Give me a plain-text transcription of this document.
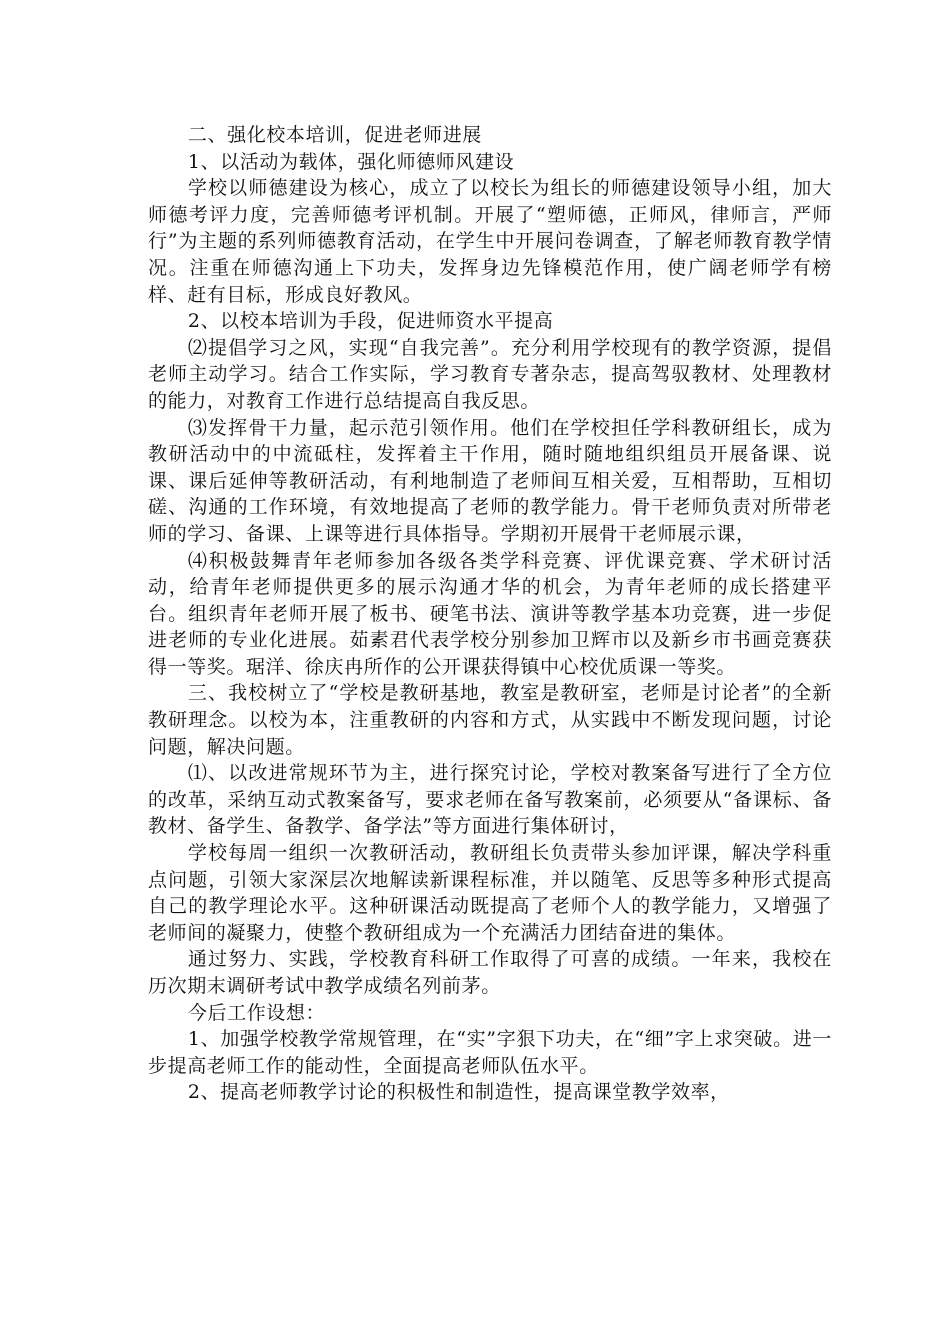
二、强化校本培训，促进老师进展

1、以活动为载体，强化师德师风建设

学校以师德建设为核心，成立了以校长为组长的师德建设领导小组，加大师德考评力度，完善师德考评机制。开展了“塑师德，正师风，律师言，严师行”为主题的系列师德教育活动，在学生中开展问卷调查，了解老师教育教学情况。注重在师德沟通上下功夫，发挥身边先锋模范作用，使广阔老师学有榜样、赶有目标，形成良好教风。

2、以校本培训为手段，促进师资水平提高

⑵提倡学习之风，实现“自我完善”。充分利用学校现有的教学资源，提倡老师主动学习。结合工作实际，学习教育专著杂志，提高驾驭教材、处理教材的能力，对教育工作进行总结提高自我反思。

⑶发挥骨干力量，起示范引领作用。他们在学校担任学科教研组长，成为教研活动中的中流砥柱，发挥着主干作用，随时随地组织组员开展备课、说课、课后延伸等教研活动，有利地制造了老师间互相关爱，互相帮助，互相切磋、沟通的工作环境，有效地提高了老师的教学能力。骨干老师负责对所带老师的学习、备课、上课等进行具体指导。学期初开展骨干老师展示课，

⑷积极鼓舞青年老师参加各级各类学科竞赛、评优课竞赛、学术研讨活动，给青年老师提供更多的展示沟通才华的机会，为青年老师的成长搭建平台。组织青年老师开展了板书、硬笔书法、演讲等教学基本功竞赛，进一步促进老师的专业化进展。茹素君代表学校分别参加卫辉市以及新乡市书画竞赛获得一等奖。琚洋、徐庆冉所作的公开课获得镇中心校优质课一等奖。

三、我校树立了“学校是教研基地，教室是教研室，老师是讨论者”的全新教研理念。以校为本，注重教研的内容和方式，从实践中不断发现问题，讨论问题，解决问题。

⑴、以改进常规环节为主，进行探究讨论，学校对教案备写进行了全方位的改革，采纳互动式教案备写，要求老师在备写教案前，必须要从“备课标、备教材、备学生、备教学、备学法”等方面进行集体研讨，

学校每周一组织一次教研活动，教研组长负责带头参加评课，解决学科重点问题，引领大家深层次地解读新课程标准，并以随笔、反思等多种形式提高自己的教学理论水平。这种研课活动既提高了老师个人的教学能力，又增强了老师间的凝聚力，使整个教研组成为一个充满活力团结奋进的集体。

通过努力、实践，学校教育科研工作取得了可喜的成绩。一年来，我校在历次期末调研考试中教学成绩名列前茅。

今后工作设想：

1、加强学校教学常规管理，在“实”字狠下功夫，在“细”字上求突破。进一步提高老师工作的能动性，全面提高老师队伍水平。

2、提高老师教学讨论的积极性和制造性，提高课堂教学效率，
